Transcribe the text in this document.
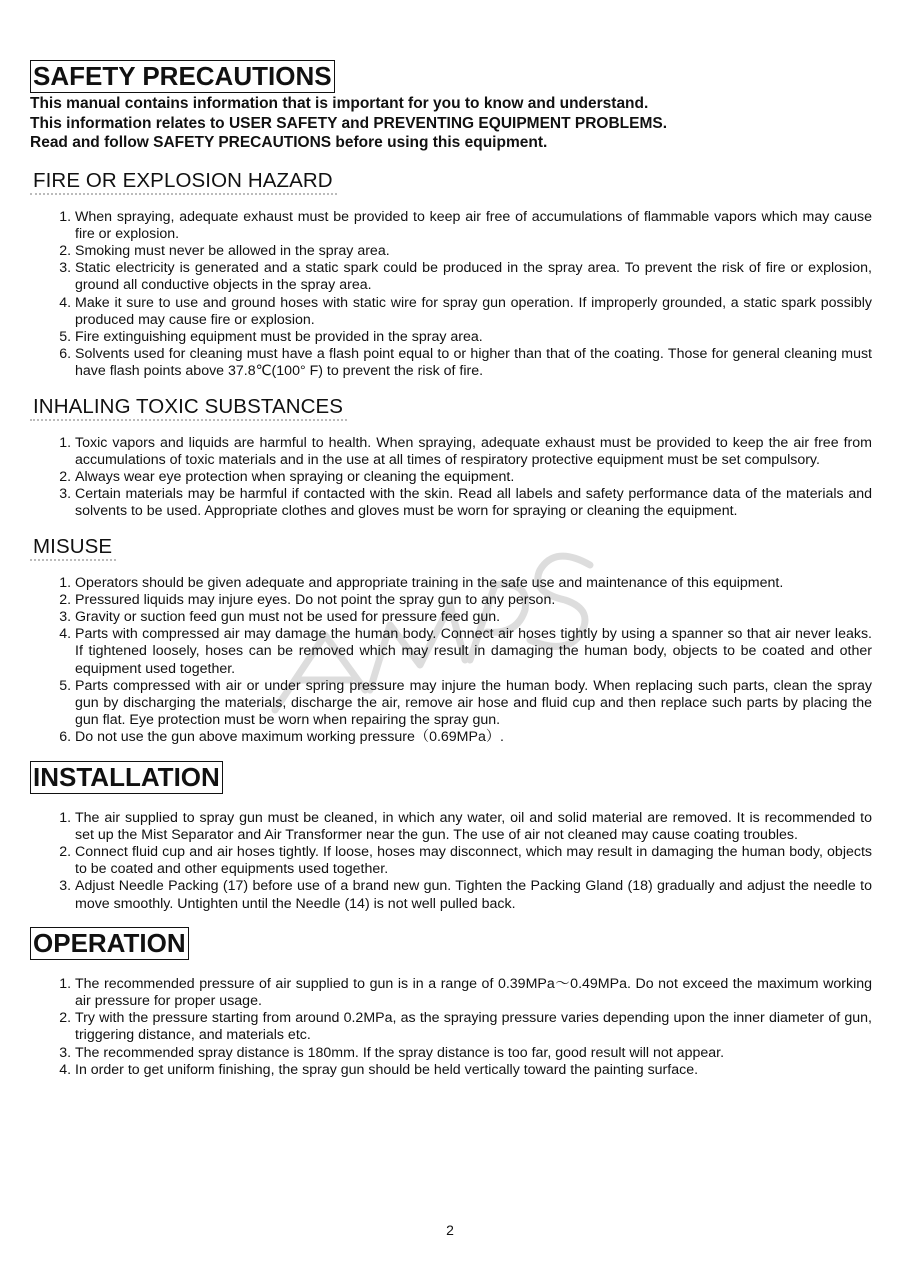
SAFETY PRECAUTIONS
This manual contains information that is important for you to know and understand.
This information relates to USER SAFETY and PREVENTING EQUIPMENT PROBLEMS.
Read and follow SAFETY PRECAUTIONS before using this equipment.
FIRE OR EXPLOSION HAZARD
1. When spraying, adequate exhaust must be provided to keep air free of accumulations of flammable vapors which may cause fire or explosion.
2. Smoking must never be allowed in the spray area.
3. Static electricity is generated and a static spark could be produced in the spray area. To prevent the risk of fire or explosion, ground all conductive objects in the spray area.
4. Make it sure to use and ground hoses with static wire for spray gun operation. If improperly grounded, a static spark possibly produced may cause fire or explosion.
5. Fire extinguishing equipment must be provided in the spray area.
6. Solvents used for cleaning must have a flash point equal to or higher than that of the coating. Those for general cleaning must have flash points above 37.8℃(100° F) to prevent the risk of fire.
INHALING TOXIC SUBSTANCES
1. Toxic vapors and liquids are harmful to health. When spraying, adequate exhaust must be provided to keep the air free from accumulations of toxic materials and in the use at all times of respiratory protective equipment must be set compulsory.
2. Always wear eye protection when spraying or cleaning the equipment.
3. Certain materials may be harmful if contacted with the skin. Read all labels and safety performance data of the materials and solvents to be used. Appropriate clothes and gloves must be worn for spraying or cleaning the equipment.
MISUSE
1. Operators should be given adequate and appropriate training in the safe use and maintenance of this equipment.
2. Pressured liquids may injure eyes. Do not point the spray gun to any person.
3. Gravity or suction feed gun must not be used for pressure feed gun.
4. Parts with compressed air may damage the human body. Connect air hoses tightly by using a spanner so that air never leaks. If tightened loosely, hoses can be removed which may result in damaging the human body, objects to be coated and other equipment used together.
5. Parts compressed with air or under spring pressure may injure the human body. When replacing such parts, clean the spray gun by discharging the materials, discharge the air, remove air hose and fluid cup and then replace such parts by placing the gun flat. Eye protection must be worn when repairing the spray gun.
6. Do not use the gun above maximum working pressure（0.69MPa）.
INSTALLATION
1. The air supplied to spray gun must be cleaned, in which any water, oil and solid material are removed. It is recommended to set up the Mist Separator and Air Transformer near the gun. The use of air not cleaned may cause coating troubles.
2. Connect fluid cup and air hoses tightly. If loose, hoses may disconnect, which may result in damaging the human body, objects to be coated and other equipments used together.
3. Adjust Needle Packing (17) before use of a brand new gun. Tighten the Packing Gland (18) gradually and adjust the needle to move smoothly. Untighten until the Needle (14) is not well pulled back.
OPERATION
1. The recommended pressure of air supplied to gun is in a range of 0.39MPa～0.49MPa. Do not exceed the maximum working air pressure for proper usage.
2. Try with the pressure starting from around 0.2MPa, as the spraying pressure varies depending upon the inner diameter of gun, triggering distance, and materials etc.
3. The recommended spray distance is 180mm. If the spray distance is too far, good result will not appear.
4. In order to get uniform finishing, the spray gun should be held vertically toward the painting surface.
2
